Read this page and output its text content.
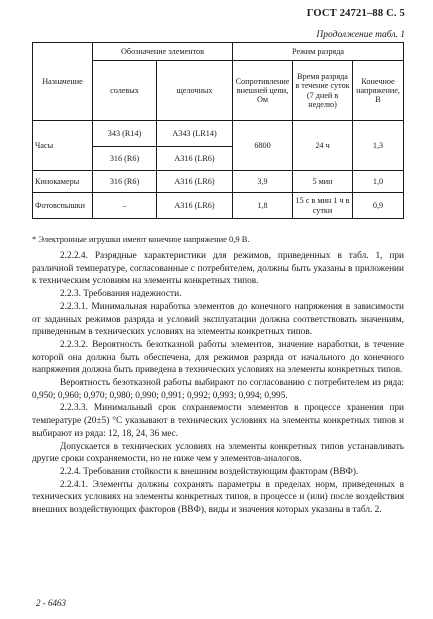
ГОСТ 24721–88 С. 5
Продолжение табл. 1
Назначение	Обозначение элементов		Режим разряда		
	солевых	щелочных	Сопротивление внешней цепи, Ом	Время разряда в течение суток (7 дней в неделю)	Конечное напряжение, В
Часы	343 (R14)	A343 (LR14)	6800	24 ч	1,3
	316 (R6)	A316 (LR6)			
Кинокамеры	316 (R6)	A316 (LR6)	3,9	5 мин	1,0
Фотовспышки	–	A316 (LR6)	1,8	15 с в мин 1 ч в сутки	0,9
* Электронные игрушки имеют конечное напряжение 0,9 В.

2.2.2.4. Разрядные характеристики для режимов, приведенных в табл. 1, при различной температуре, согласованные с потребителем, должны быть указаны в приложении к техническим условиям на элементы конкретных типов.

2.2.3. Требования надежности.

2.2.3.1. Минимальная наработка элементов до конечного напряжения в зависимости от заданных режимов разряда и условий эксплуатации должна соответствовать значениям, приведенным в технических условиях на элементы конкретных типов.

2.2.3.2. Вероятность безотказной работы элементов, значение наработки, в течение которой она должна быть обеспечена, для режимов разряда от начального до конечного напряжения должна быть приведена в технических условиях на элементы конкретных типов.

Вероятность безотказной работы выбирают по согласованию с потребителем из ряда: 0,950; 0,960; 0,970; 0,980; 0,990; 0,991; 0,992; 0,993; 0,994; 0,995.

2.2.3.3. Минимальный срок сохраняемости элементов в процессе хранения при температуре (20±5) °С указывают в технических условиях на элементы конкретных типов и выбирают из ряда: 12, 18, 24, 36 мес.

Допускается в технических условиях на элементы конкретных типов устанавливать другие сроки сохраняемости, но не ниже чем у элементов-аналогов.

2.2.4. Требования стойкости к внешним воздействующим факторам (ВВФ).

2.2.4.1. Элементы должны сохранять параметры в пределах норм, приведенных в технических условиях на элементы конкретных типов, в процессе и (или) после воздействия внешних воздействующих факторов (ВВФ), виды и значения которых указаны в табл. 2.

2 - 6463
